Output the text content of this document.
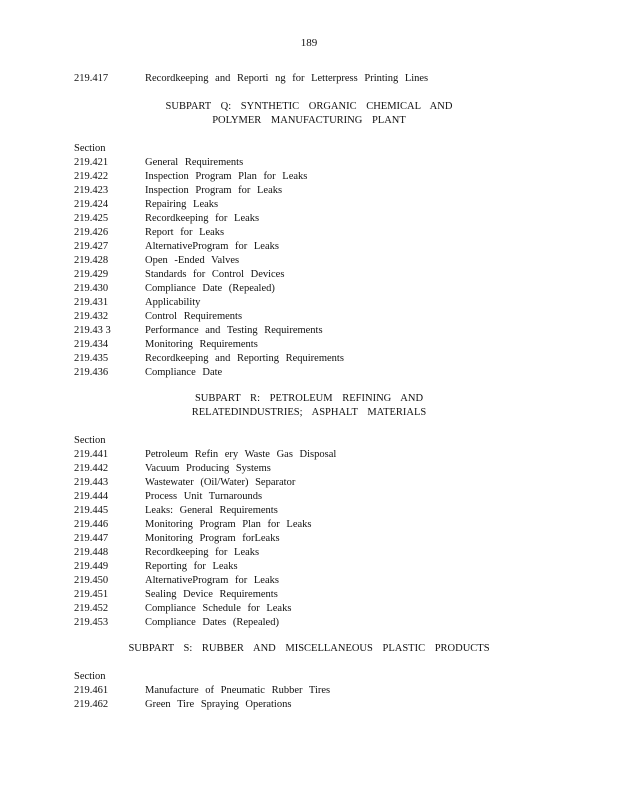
189
219.417	Recordkeeping and Reporti ng for Letterpress Printing Lines
SUBPART Q: SYNTHETIC ORGANIC CHEMICAL AND
POLYMER MANUFACTURING PLANT
Section
219.421	General Requirements
219.422	Inspection Program Plan for Leaks
219.423	Inspection Program for Leaks
219.424	Repairing Leaks
219.425	Recordkeeping for Leaks
219.426	Report for Leaks
219.427	AlternativeProgram for Leaks
219.428	Open -Ended Valves
219.429	Standards for Control Devices
219.430	Compliance Date (Repealed)
219.431	Applicability
219.432	Control Requirements
219.43 3	Performance and Testing Requirements
219.434	Monitoring Requirements
219.435	Recordkeeping and Reporting Requirements
219.436	Compliance Date
SUBPART R: PETROLEUM REFINING AND
RELATEDINDUSTRIES; ASPHALT MATERIALS
Section
219.441	Petroleum Refin ery Waste Gas Disposal
219.442	Vacuum Producing Systems
219.443	Wastewater (Oil/Water) Separator
219.444	Process Unit Turnarounds
219.445	Leaks: General Requirements
219.446	Monitoring Program Plan for Leaks
219.447	Monitoring Program forLeaks
219.448	Recordkeeping for Leaks
219.449	Reporting for Leaks
219.450	AlternativeProgram for Leaks
219.451	Sealing Device Requirements
219.452	Compliance Schedule for Leaks
219.453	Compliance Dates (Repealed)
SUBPART S: RUBBER AND MISCELLANEOUS PLASTIC PRODUCTS
Section
219.461	Manufacture of Pneumatic Rubber Tires
219.462	Green Tire Spraying Operations
